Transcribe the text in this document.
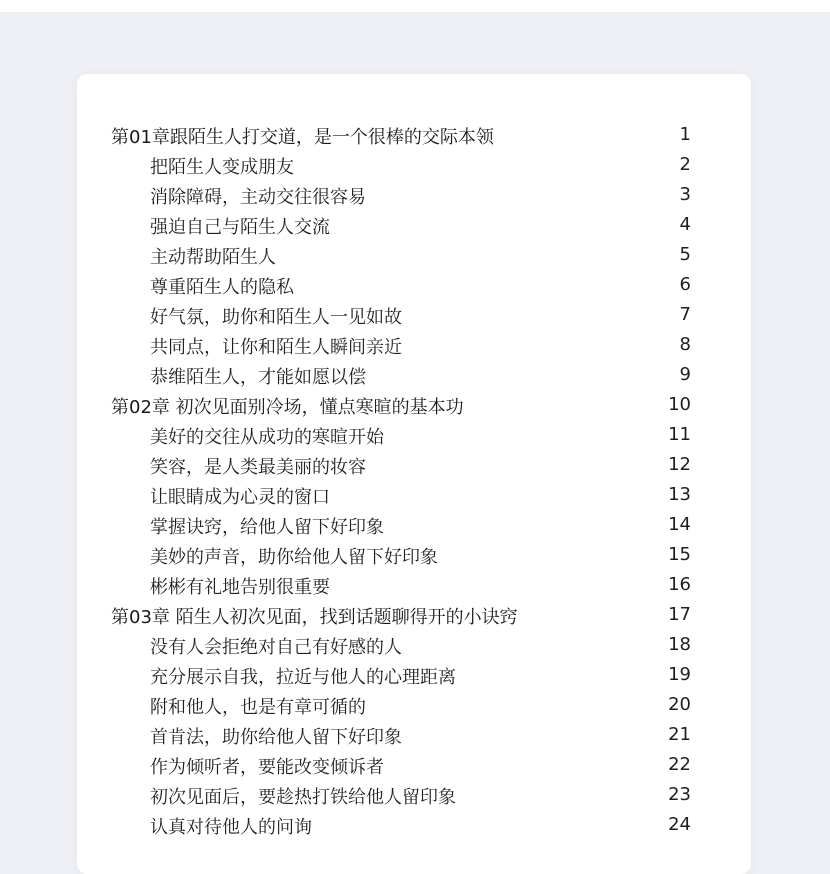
第01章跟陌生人打交道，是一个很棒的交际本领	1
把陌生人变成朋友	2
消除障碍，主动交往很容易	3
强迫自己与陌生人交流	4
主动帮助陌生人	5
尊重陌生人的隐私	6
好气氛，助你和陌生人一见如故	7
共同点，让你和陌生人瞬间亲近	8
恭维陌生人，才能如愿以偿	9
第02章 初次见面别冷场，懂点寒暄的基本功	10
美好的交往从成功的寒暄开始	11
笑容，是人类最美丽的妆容	12
让眼睛成为心灵的窗口	13
掌握诀窍，给他人留下好印象	14
美妙的声音，助你给他人留下好印象	15
彬彬有礼地告别很重要	16
第03章 陌生人初次见面，找到话题聊得开的小诀窍	17
没有人会拒绝对自己有好感的人	18
充分展示自我，拉近与他人的心理距离	19
附和他人，也是有章可循的	20
首肯法，助你给他人留下好印象	21
作为倾听者，要能改变倾诉者	22
初次见面后，要趁热打铁给他人留印象	23
认真对待他人的问询	24
